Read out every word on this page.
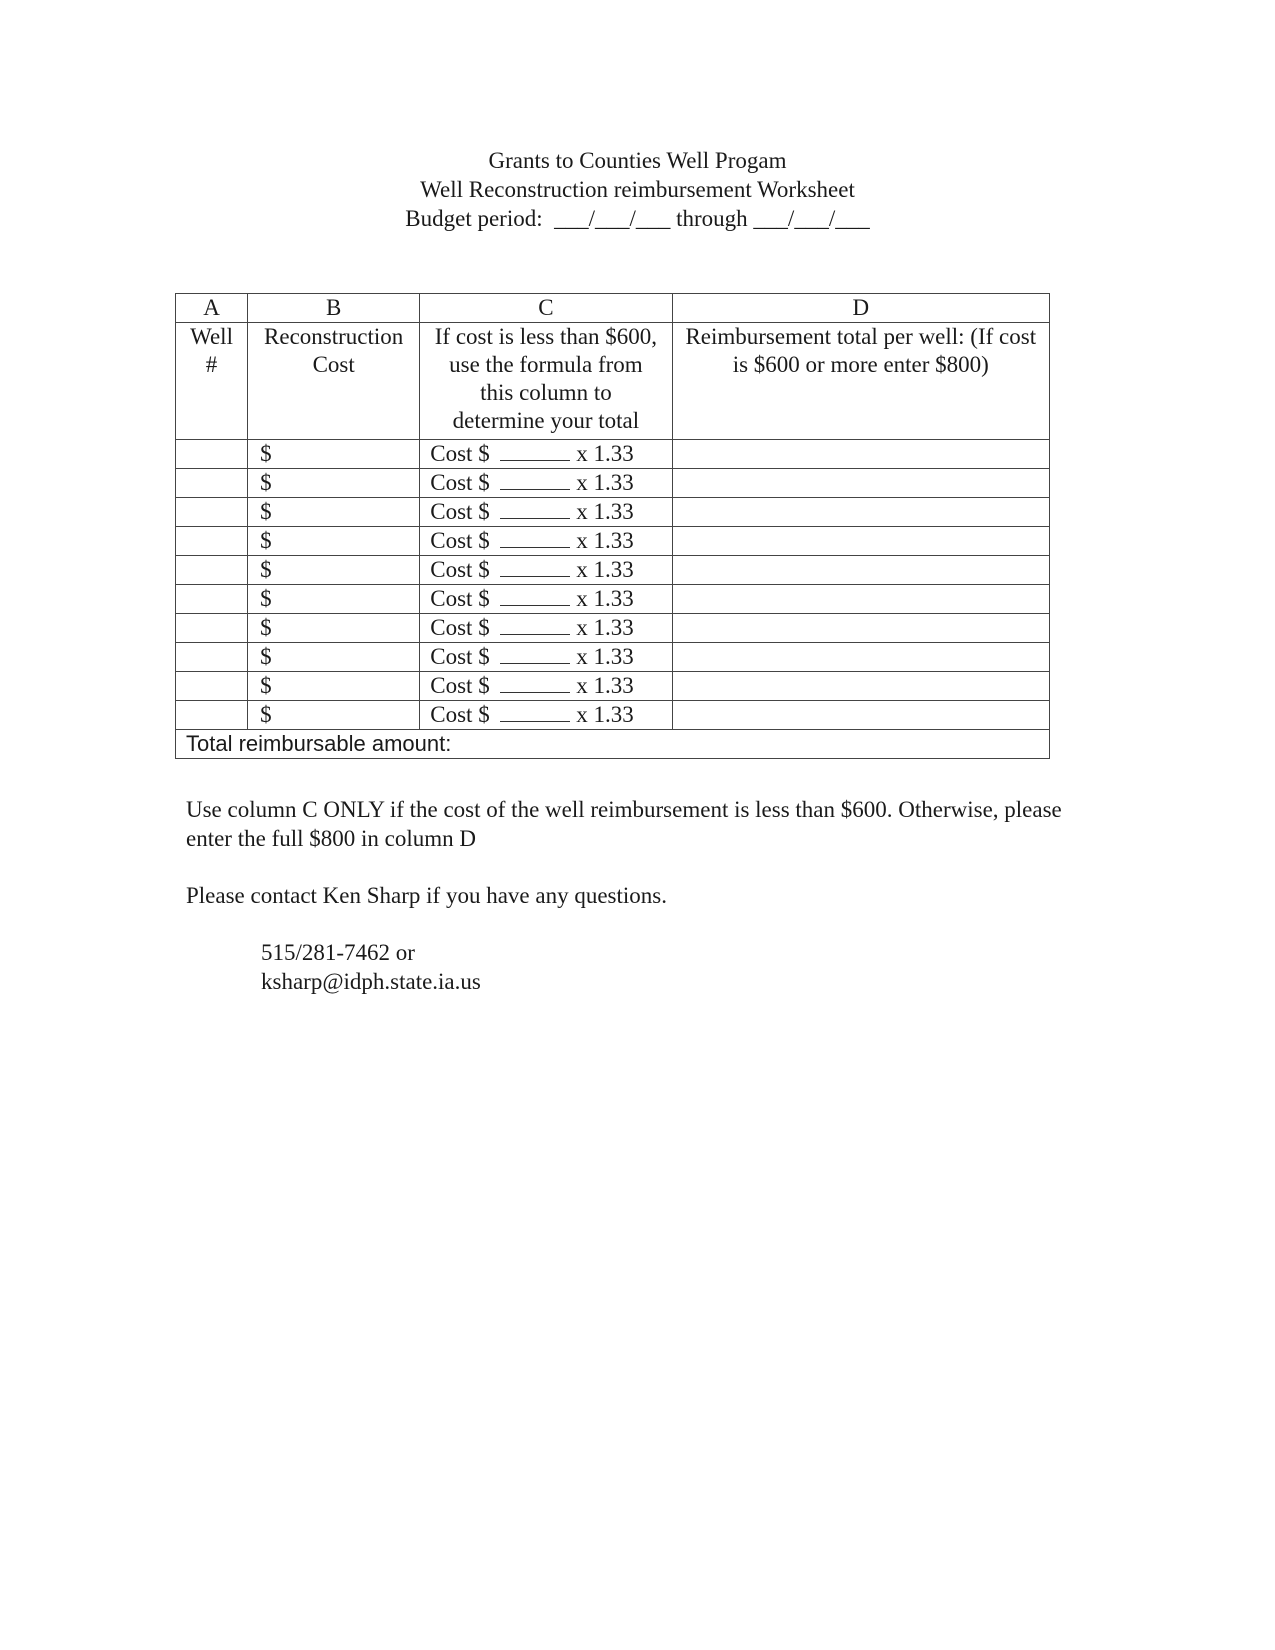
Grants to Counties Well Progam
Well Reconstruction reimbursement Worksheet
Budget period:  ___/___/___ through ___/___/___
A	B	C	D
Well #	Reconstruction Cost	If cost is less than $600, use the formula from this column to determine your total	Reimbursement total per well: (If cost is $600 or more enter $800)
	$	Cost $ x 1.33	
	$	Cost $ x 1.33	
	$	Cost $ x 1.33	
	$	Cost $ x 1.33	
	$	Cost $ x 1.33	
	$	Cost $ x 1.33	
	$	Cost $ x 1.33	
	$	Cost $ x 1.33	
	$	Cost $ x 1.33	
	$	Cost $ x 1.33	
Total reimbursable amount:			

Use column C ONLY if the cost of the well reimbursement is less than $600. Otherwise, please enter the full $800 in column D

Please contact Ken Sharp if you have any questions.

515/281-7462 or
ksharp@idph.state.ia.us
